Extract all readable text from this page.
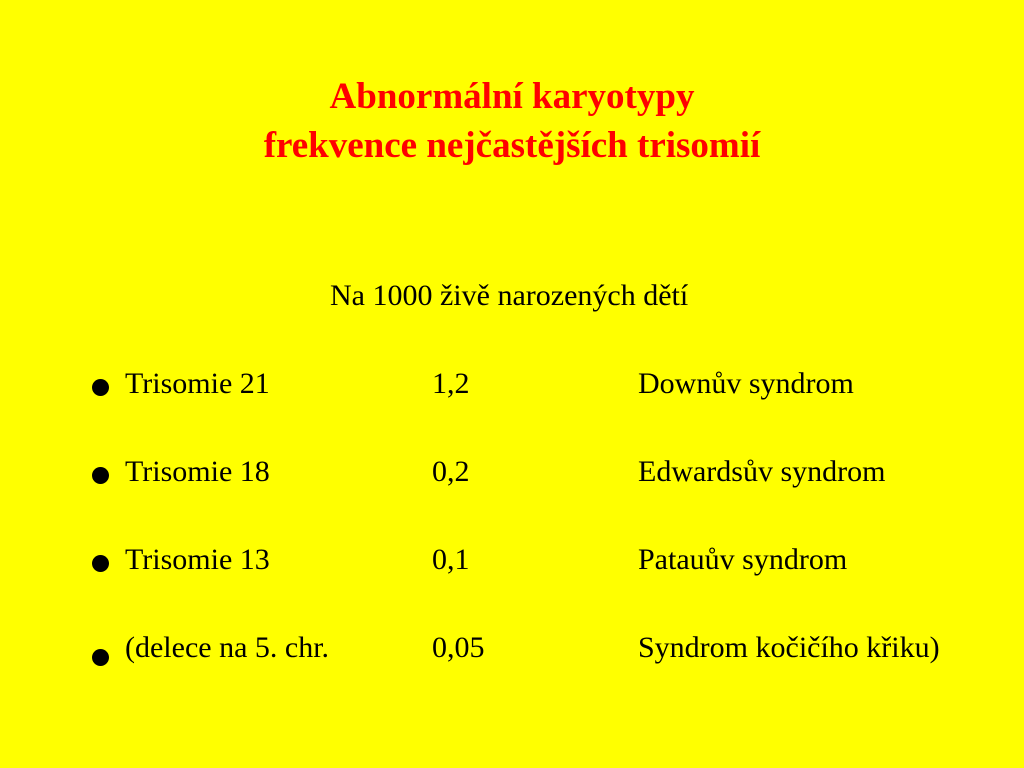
Abnormální karyotypy
frekvence nejčastějších trisomií
Na 1000 živě narozených dětí
Trisomie 21	1,2	Downův syndrom
Trisomie 18	0,2	Edwardsův syndrom
Trisomie 13	0,1	Patauův syndrom
(delece na 5. chr.	0,05	Syndrom kočičího křiku)
